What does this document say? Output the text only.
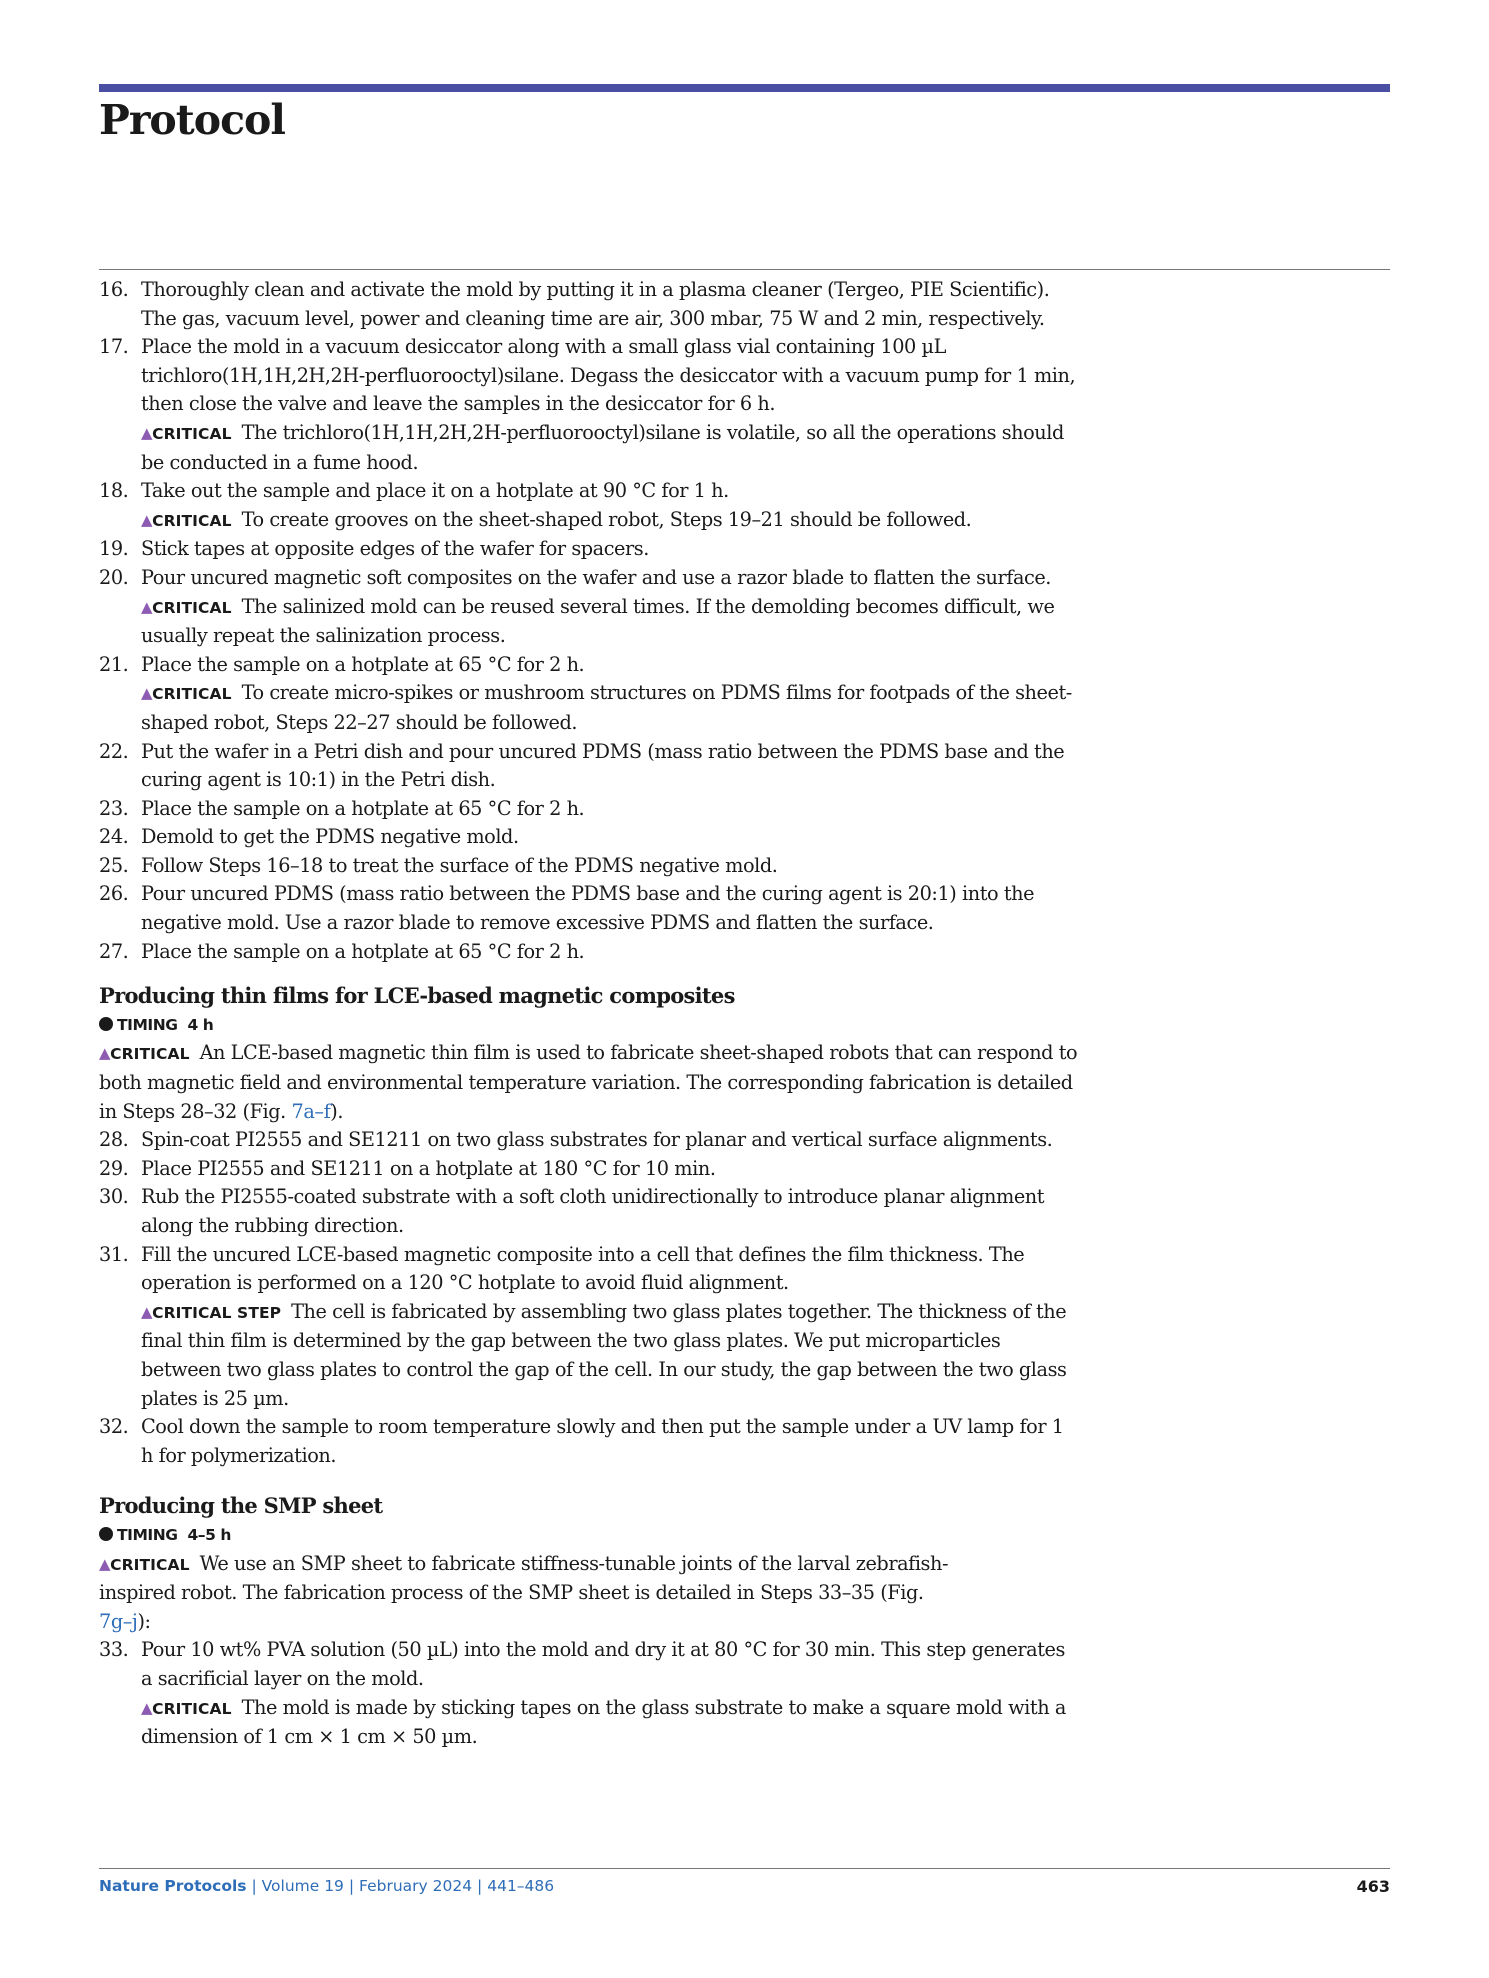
Protocol
16. Thoroughly clean and activate the mold by putting it in a plasma cleaner (Tergeo, PIE Scientific). The gas, vacuum level, power and cleaning time are air, 300 mbar, 75 W and 2 min, respectively.
17. Place the mold in a vacuum desiccator along with a small glass vial containing 100 µL trichloro(1H,1H,2H,2H-perfluorooctyl)silane. Degass the desiccator with a vacuum pump for 1 min, then close the valve and leave the samples in the desiccator for 6 h.
▲CRITICAL The trichloro(1H,1H,2H,2H-perfluorooctyl)silane is volatile, so all the operations should be conducted in a fume hood.
18. Take out the sample and place it on a hotplate at 90 °C for 1 h.
▲CRITICAL To create grooves on the sheet-shaped robot, Steps 19–21 should be followed.
19. Stick tapes at opposite edges of the wafer for spacers.
20. Pour uncured magnetic soft composites on the wafer and use a razor blade to flatten the surface.
▲CRITICAL The salinized mold can be reused several times. If the demolding becomes difficult, we usually repeat the salinization process.
21. Place the sample on a hotplate at 65 °C for 2 h.
▲CRITICAL To create micro-spikes or mushroom structures on PDMS films for footpads of the sheet-shaped robot, Steps 22–27 should be followed.
22. Put the wafer in a Petri dish and pour uncured PDMS (mass ratio between the PDMS base and the curing agent is 10:1) in the Petri dish.
23. Place the sample on a hotplate at 65 °C for 2 h.
24. Demold to get the PDMS negative mold.
25. Follow Steps 16–18 to treat the surface of the PDMS negative mold.
26. Pour uncured PDMS (mass ratio between the PDMS base and the curing agent is 20:1) into the negative mold. Use a razor blade to remove excessive PDMS and flatten the surface.
27. Place the sample on a hotplate at 65 °C for 2 h.
Producing thin films for LCE-based magnetic composites

TIMING 4 h

▲CRITICAL An LCE-based magnetic thin film is used to fabricate sheet-shaped robots that can respond to both magnetic field and environmental temperature variation. The corresponding fabrication is detailed in Steps 28–32 (Fig. 7a–f).

28. Spin-coat PI2555 and SE1211 on two glass substrates for planar and vertical surface alignments.
29. Place PI2555 and SE1211 on a hotplate at 180 °C for 10 min.
30. Rub the PI2555-coated substrate with a soft cloth unidirectionally to introduce planar alignment along the rubbing direction.
31. Fill the uncured LCE-based magnetic composite into a cell that defines the film thickness. The operation is performed on a 120 °C hotplate to avoid fluid alignment.
▲CRITICAL STEP The cell is fabricated by assembling two glass plates together. The thickness of the final thin film is determined by the gap between the two glass plates. We put microparticles between two glass plates to control the gap of the cell. In our study, the gap between the two glass plates is 25 µm.
32. Cool down the sample to room temperature slowly and then put the sample under a UV lamp for 1 h for polymerization.
Producing the SMP sheet

TIMING 4–5 h

▲CRITICAL We use an SMP sheet to fabricate stiffness-tunable joints of the larval zebrafish-inspired robot. The fabrication process of the SMP sheet is detailed in Steps 33–35 (Fig. 7g–j):

33. Pour 10 wt% PVA solution (50 µL) into the mold and dry it at 80 °C for 30 min. This step generates a sacrificial layer on the mold.
▲CRITICAL The mold is made by sticking tapes on the glass substrate to make a square mold with a dimension of 1 cm × 1 cm × 50 µm.
Nature Protocols | Volume 19 | February 2024 | 441–486	463
